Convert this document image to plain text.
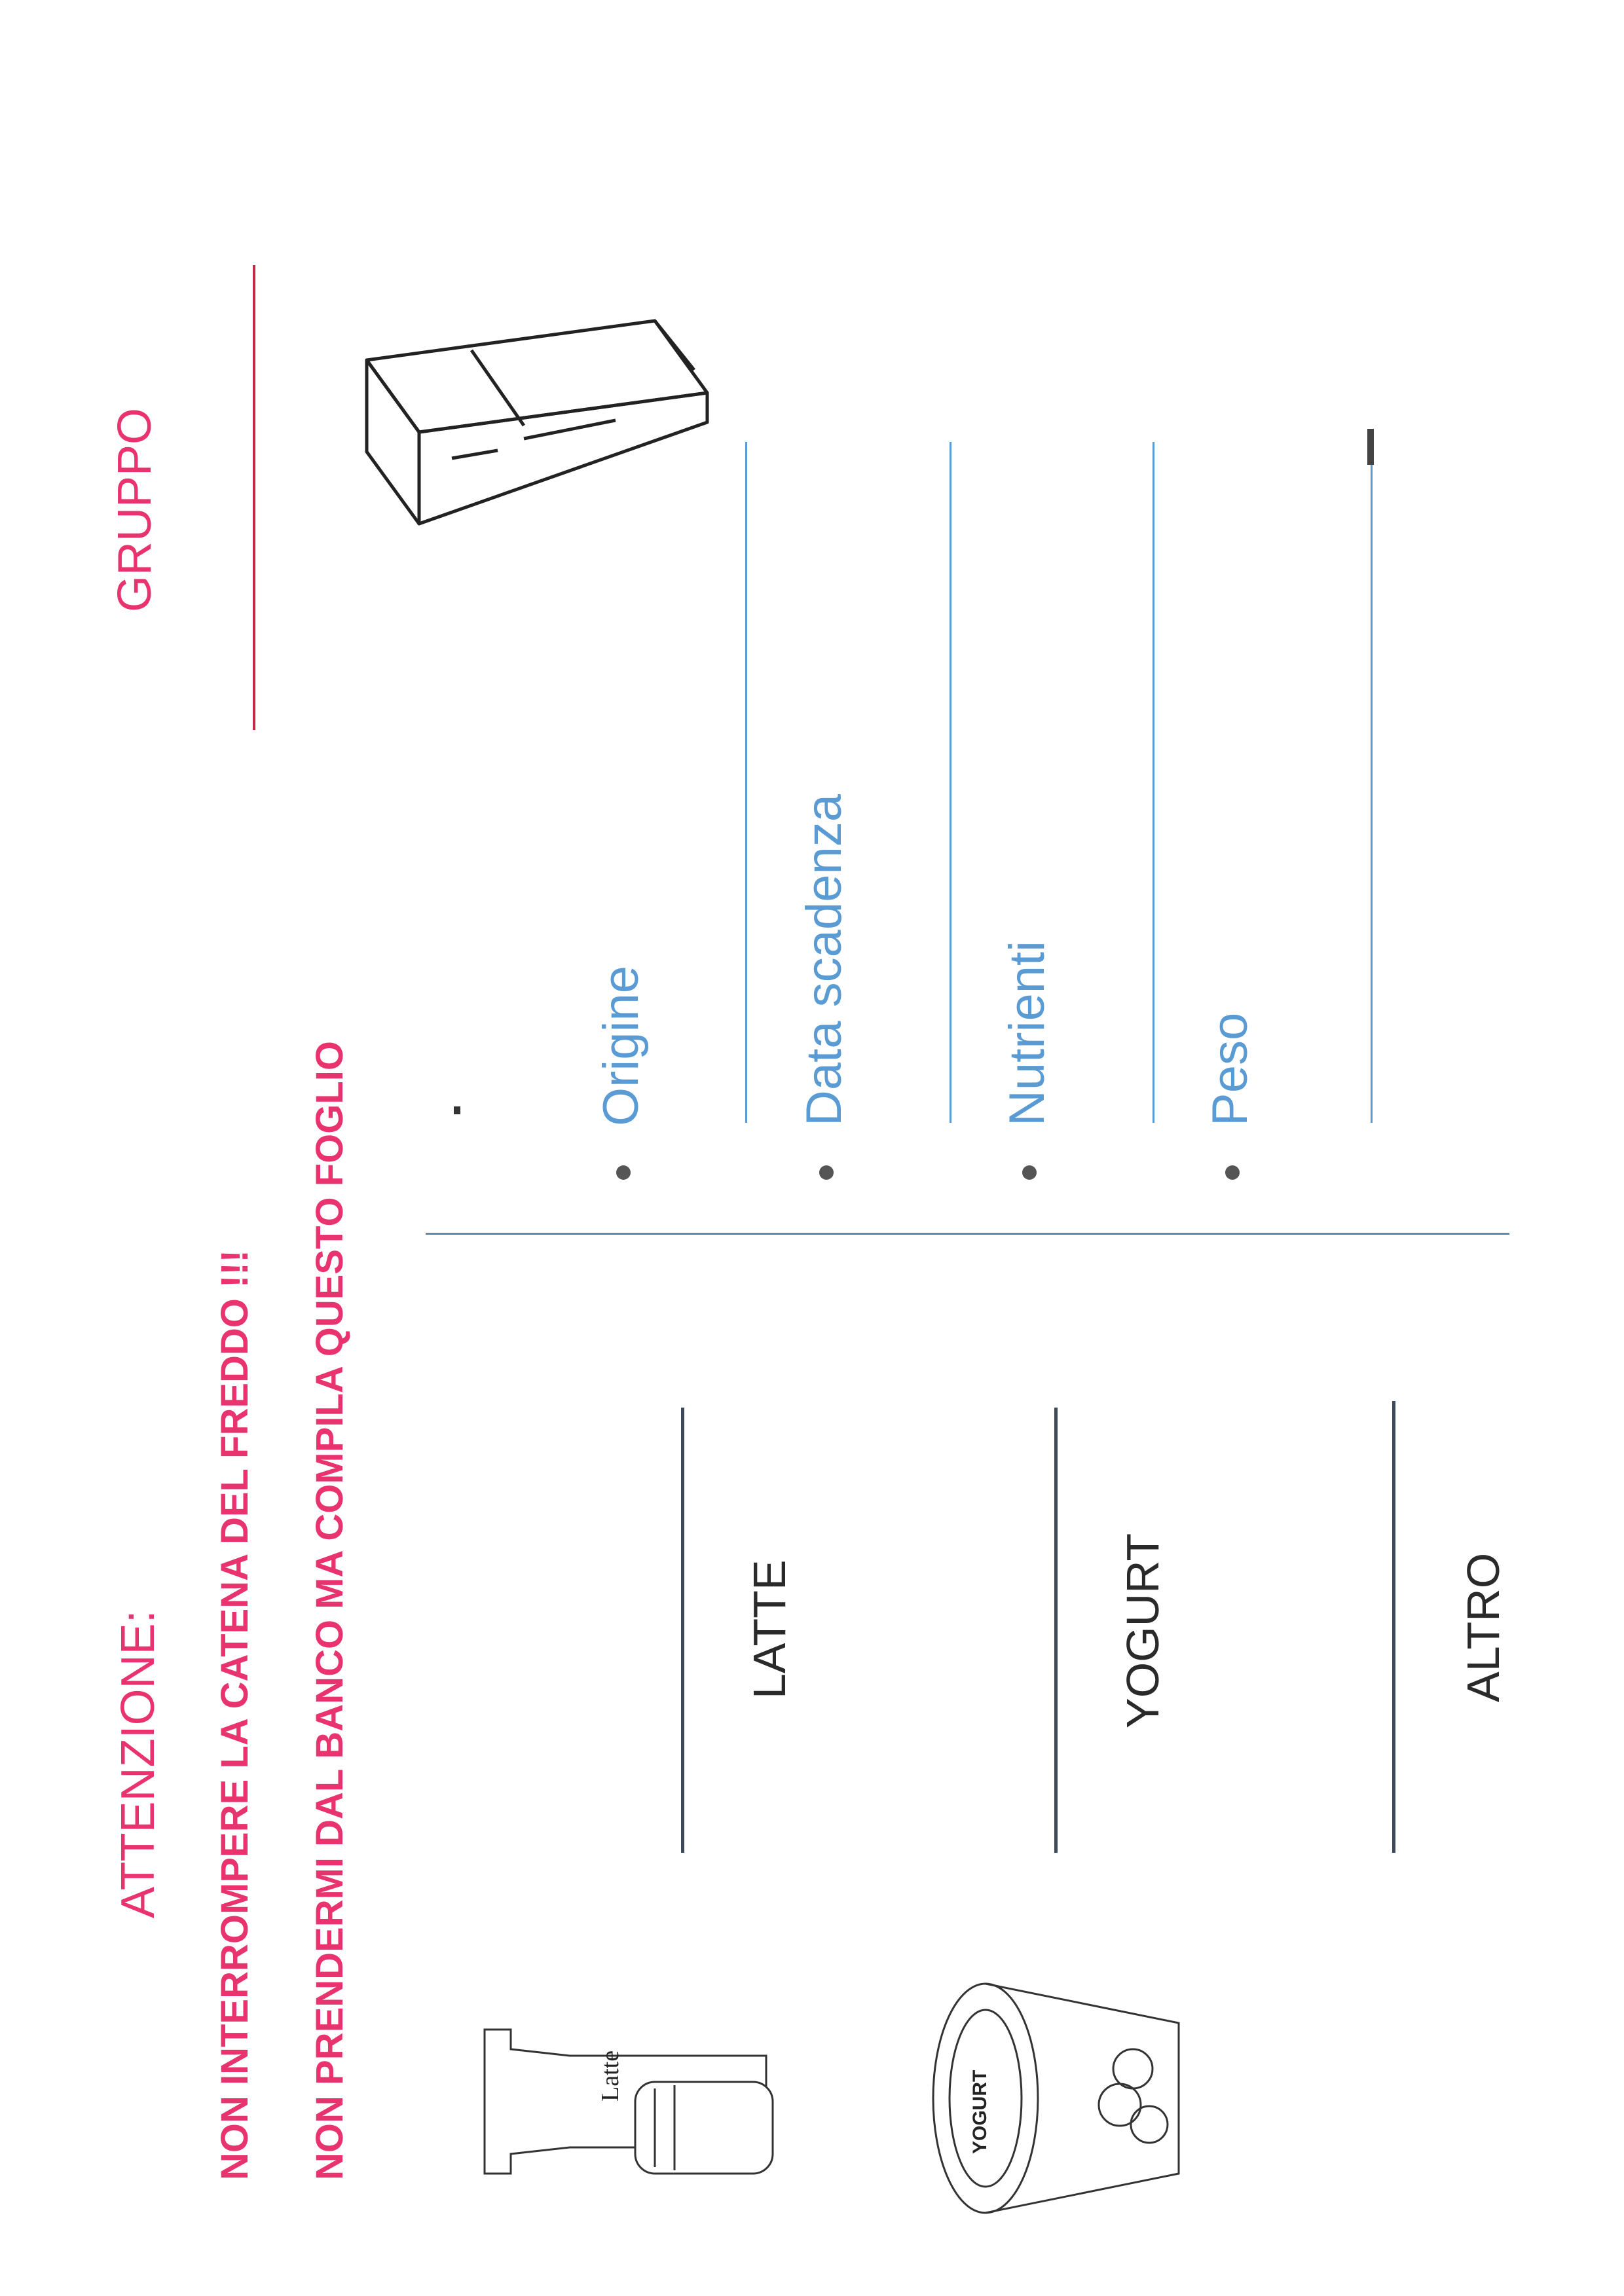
ATTENZIONE: NON INTERROMPERE LA CATENA DEL FREDDO !!! NON PRENDERMI DAL BANCO MA COMPILA QUESTO FOGLIO
GRUPPO
Origine	Data scadenza	Nutrienti	Peso
LATTE	YOGURT	ALTRO
Latte	YOGURT
